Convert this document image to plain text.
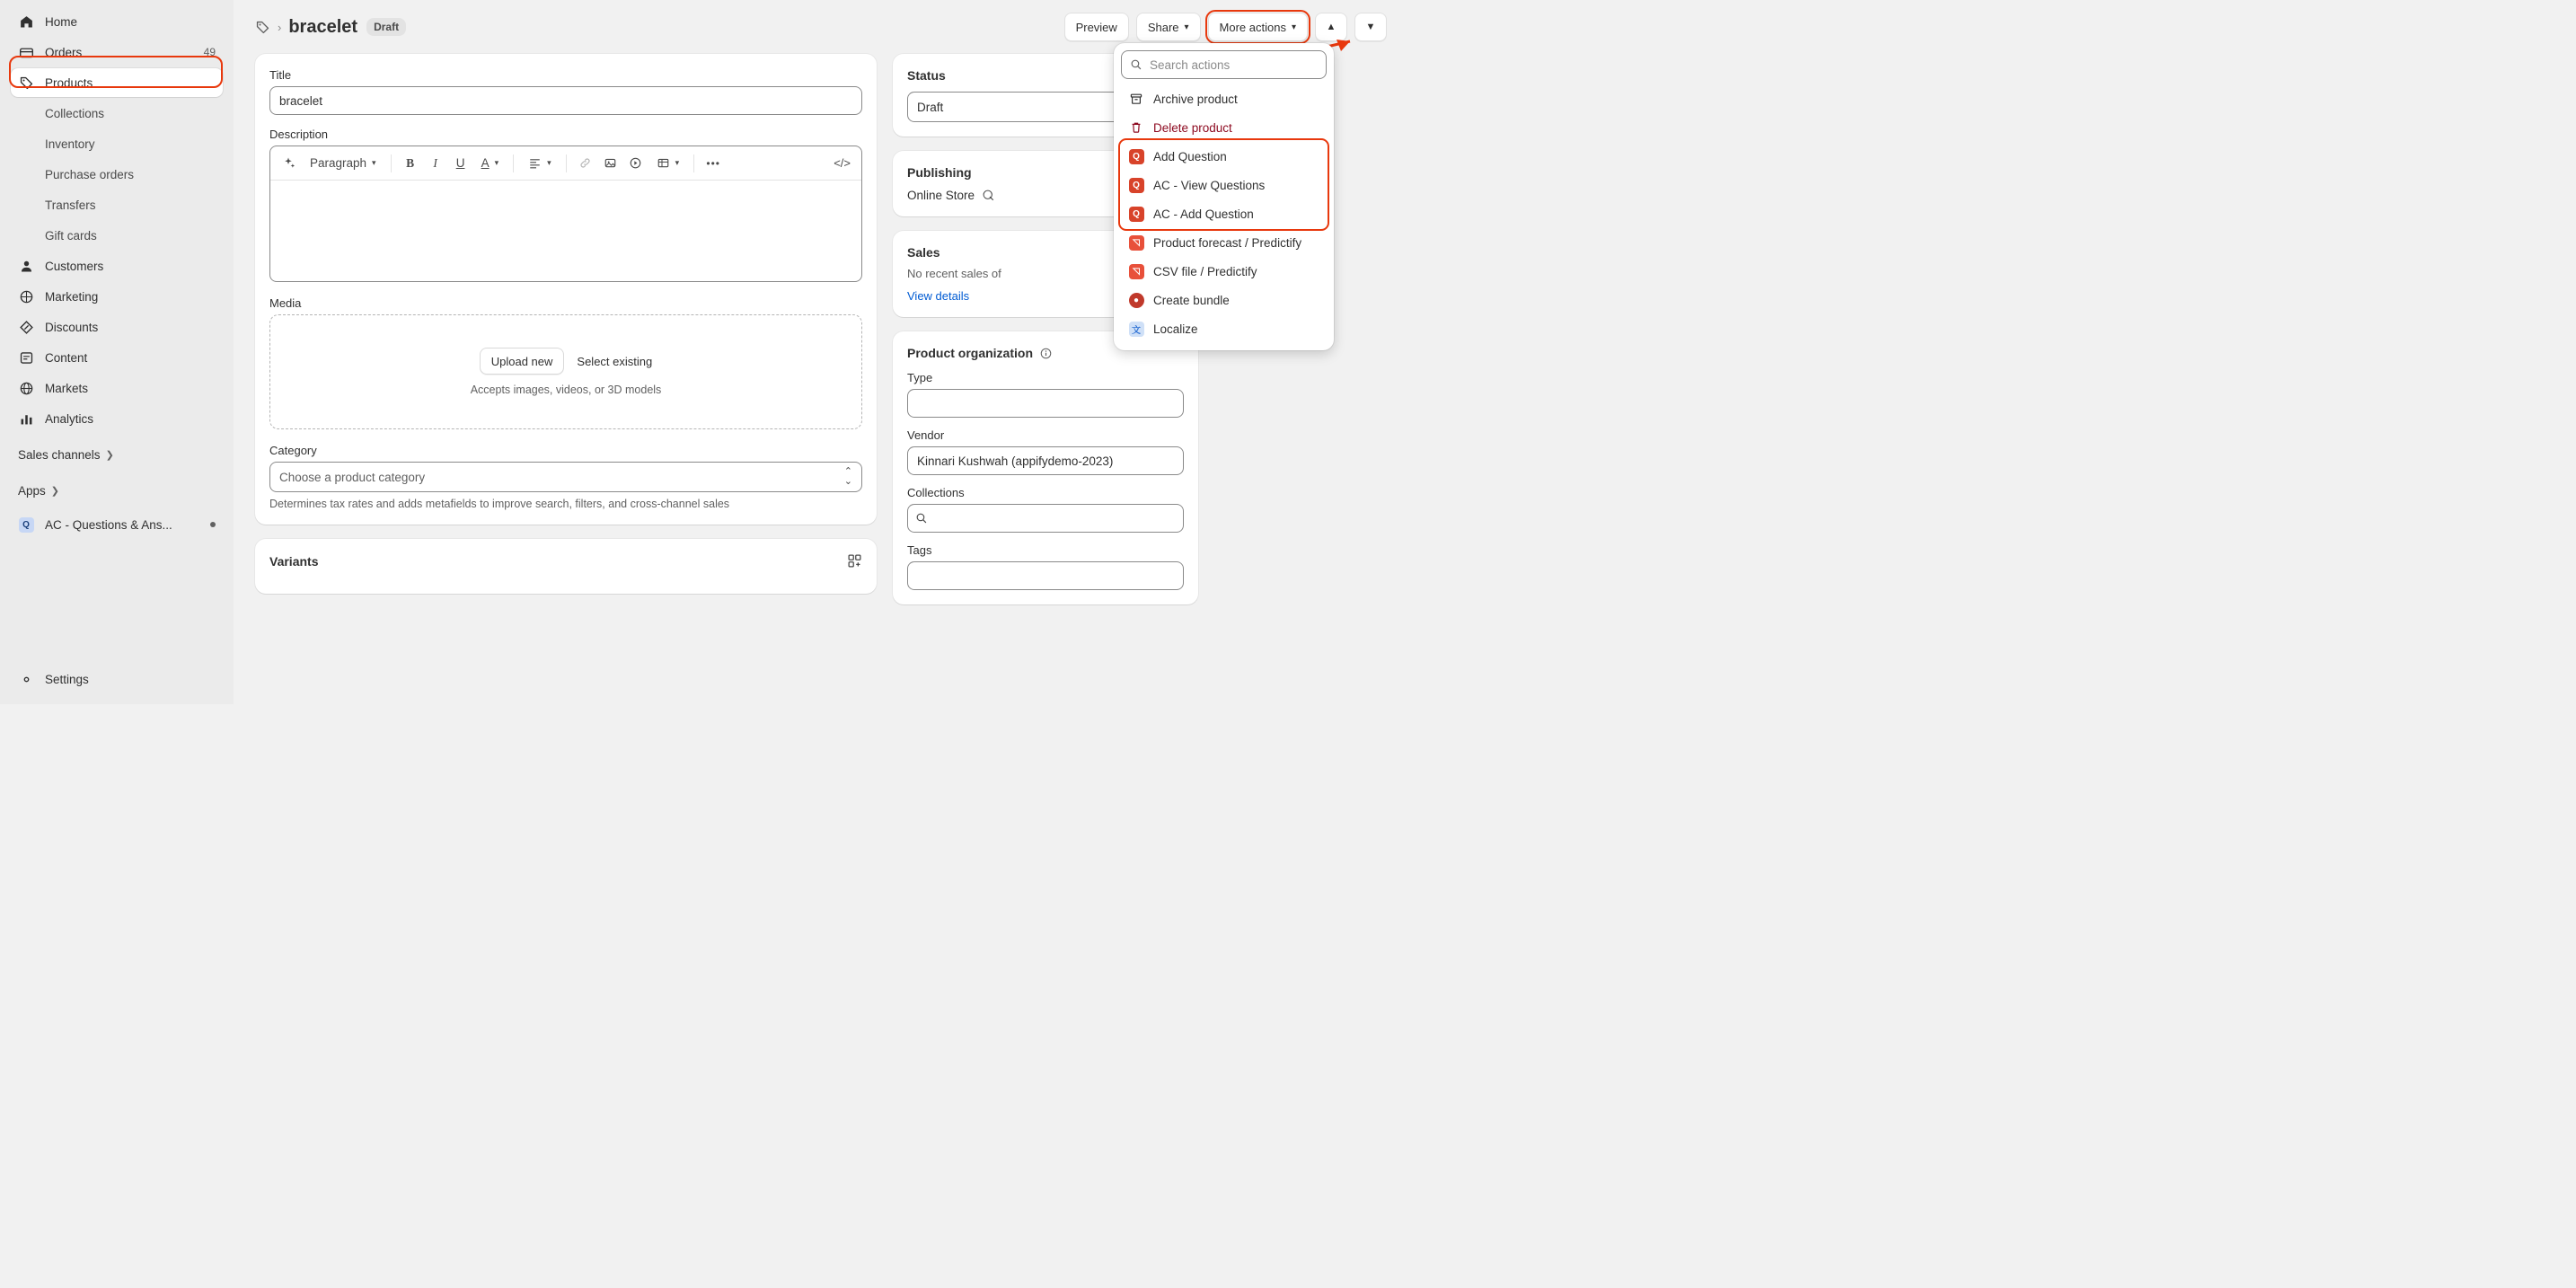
Home
Orders	49
Products
Collections
Inventory
Purchase orders
Transfers
Gift cards
Customers
Marketing
Discounts
Content
Markets
Analytics
Sales channels ❯
Apps ❯
Q	AC - Questions & Ans...
Settings
› bracelet	Draft	Preview	Share ▾	More actions ▾	▲	▼
Title
bracelet
Description
Paragraph ▾ B I U A ▾	▾	▾	•••	</>
Media
Upload new	Select existing
Accepts images, videos, or 3D models
Category
Choose a product category	⌃
⌄
Determines tax rates and adds metafields to improve search, filters, and cross-channel sales
Variants
Status
Draft
Publishing
Online Store
Sales
No recent sales of
View details
Product organization
Type
Vendor
Kinnari Kushwah (appifydemo-2023)
Collections
Tags
Search actions
Archive product
Delete product
Q	Add Question
Q	AC - View Questions
Q	AC - Add Question
◹	Product forecast / Predictify
◹	CSV file / Predictify
●	Create bundle
文 Localize
